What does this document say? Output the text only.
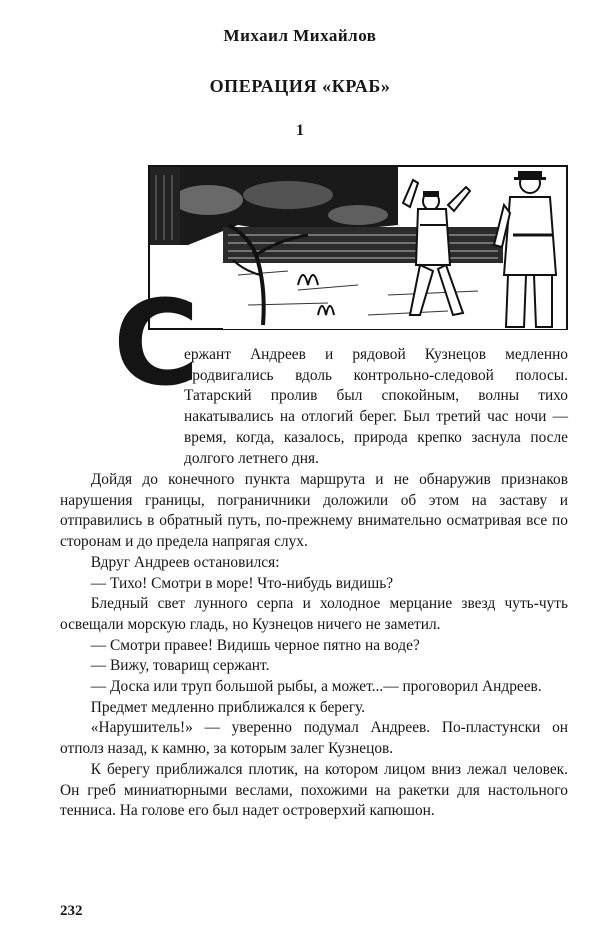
Михаил Михайлов
ОПЕРАЦИЯ «КРАБ»
1
С

ержант Андреев и рядовой Кузнецов медленно продвигались вдоль контрольно-следовой полосы. Татарский пролив был спокойным, волны тихо накатывались на отлогий берег. Был третий час ночи — время, когда, казалось, природа крепко заснула после долгого летнего дня.

Дойдя до конечного пункта маршрута и не обнаружив признаков нарушения границы, пограничники доложили об этом на заставу и отправились в обратный путь, по-прежнему внимательно осматривая все по сторонам и до предела напрягая слух.

Вдруг Андреев остановился:

— Тихо! Смотри в море! Что-нибудь видишь?

Бледный свет лунного серпа и холодное мерцание звезд чуть-чуть освещали морскую гладь, но Кузнецов ничего не заметил.

— Смотри правее! Видишь черное пятно на воде?

— Вижу, товарищ сержант.

— Доска или труп большой рыбы, а может...— проговорил Андреев.

Предмет медленно приближался к берегу.

«Нарушитель!» — уверенно подумал Андреев. По-пластунски он отполз назад, к камню, за которым залег Кузнецов.

К берегу приближался плотик, на котором лицом вниз лежал человек. Он греб миниатюрными веслами, похожими на ракетки для настольного тенниса. На голове его был надет островерхий капюшон.

232
